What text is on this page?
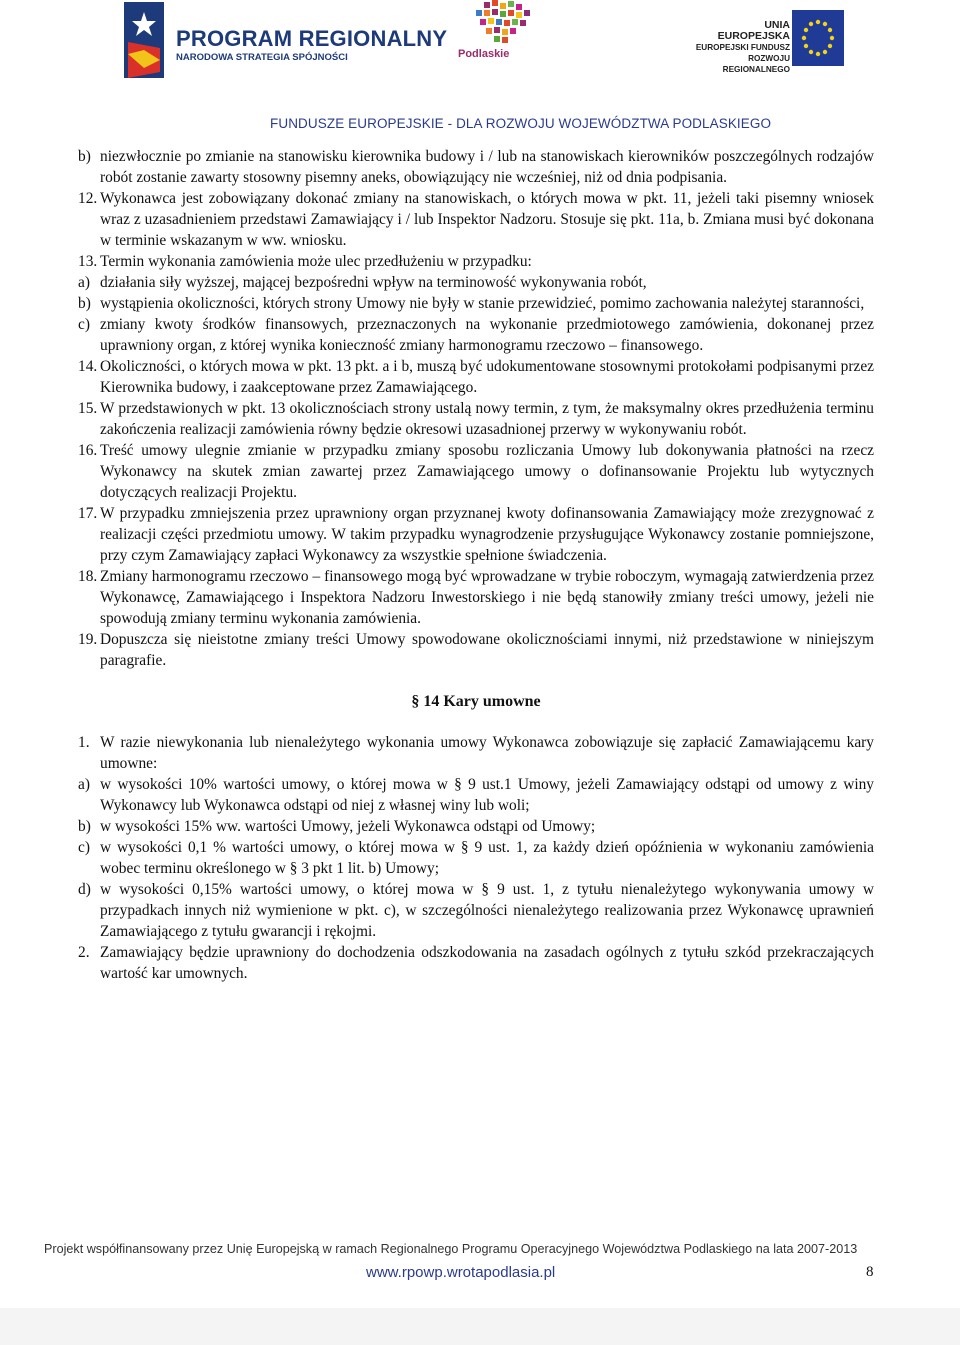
PROGRAM REGIONALNY
NARODOWA STRATEGIA SPÓJNOŚCI	Podlaskie
UNIA EUROPEJSKA
EUROPEJSKI FUNDUSZ
ROZWOJU REGIONALNEGO
FUNDUSZE EUROPEJSKIE - DLA ROZWOJU WOJEWÓDZTWA PODLASKIEGO
b) niezwłocznie po zmianie na stanowisku kierownika budowy i / lub na stanowiskach kierowników poszczególnych rodzajów robót zostanie zawarty stosowny pisemny aneks, obowiązujący nie wcześniej, niż od dnia podpisania.
12. Wykonawca jest zobowiązany dokonać zmiany na stanowiskach, o których mowa w pkt. 11, jeżeli taki pisemny wniosek wraz z uzasadnieniem przedstawi Zamawiający i / lub Inspektor Nadzoru. Stosuje się pkt. 11a, b. Zmiana musi być dokonana w terminie wskazanym w ww. wniosku.
13. Termin wykonania zamówienia może ulec przedłużeniu w przypadku:
a) działania siły wyższej, mającej bezpośredni wpływ na terminowość wykonywania robót,
b) wystąpienia okoliczności, których strony Umowy nie były w stanie przewidzieć, pomimo zachowania należytej staranności,
c) zmiany kwoty środków finansowych, przeznaczonych na wykonanie przedmiotowego zamówienia, dokonanej przez uprawniony organ, z której wynika konieczność zmiany harmonogramu rzeczowo – finansowego.
14. Okoliczności, o których mowa w pkt. 13 pkt. a i b, muszą być udokumentowane stosownymi protokołami podpisanymi przez Kierownika budowy, i zaakceptowane przez Zamawiającego.
15. W przedstawionych w pkt. 13 okolicznościach strony ustalą nowy termin, z tym, że maksymalny okres przedłużenia terminu zakończenia realizacji zamówienia równy będzie okresowi uzasadnionej przerwy w wykonywaniu robót.
16. Treść umowy ulegnie zmianie w przypadku zmiany sposobu rozliczania Umowy lub dokonywania płatności na rzecz Wykonawcy na skutek zmian zawartej przez Zamawiającego umowy o dofinansowanie Projektu lub wytycznych dotyczących realizacji Projektu.
17. W przypadku zmniejszenia przez uprawniony organ przyznanej kwoty dofinansowania Zamawiający może zrezygnować z realizacji części przedmiotu umowy. W takim przypadku wynagrodzenie przysługujące Wykonawcy zostanie pomniejszone, przy czym Zamawiający zapłaci Wykonawcy za wszystkie spełnione świadczenia.
18. Zmiany harmonogramu rzeczowo – finansowego mogą być wprowadzane w trybie roboczym, wymagają zatwierdzenia przez Wykonawcę, Zamawiającego i Inspektora Nadzoru Inwestorskiego i nie będą stanowiły zmiany treści umowy, jeżeli nie spowodują zmiany terminu wykonania zamówienia.
19. Dopuszcza się nieistotne zmiany treści Umowy spowodowane okolicznościami innymi, niż przedstawione w niniejszym paragrafie.
§ 14 Kary umowne
1. W razie niewykonania lub nienależytego wykonania umowy Wykonawca zobowiązuje się zapłacić Zamawiającemu kary umowne:
a) w wysokości 10% wartości umowy, o której mowa w § 9 ust.1 Umowy, jeżeli Zamawiający odstąpi od umowy z winy Wykonawcy lub Wykonawca odstąpi od niej z własnej winy lub woli;
b) w wysokości 15% ww. wartości Umowy, jeżeli Wykonawca odstąpi od Umowy;
c) w wysokości 0,1 % wartości umowy, o której mowa w § 9 ust. 1, za każdy dzień opóźnienia w wykonaniu zamówienia wobec terminu określonego w § 3 pkt 1 lit. b) Umowy;
d) w wysokości 0,15% wartości umowy, o której mowa w § 9 ust. 1, z tytułu nienależytego wykonywania umowy w przypadkach innych niż wymienione w pkt. c), w szczególności nienależytego realizowania przez Wykonawcę uprawnień Zamawiającego z tytułu gwarancji i rękojmi.
2. Zamawiający będzie uprawniony do dochodzenia odszkodowania na zasadach ogólnych z tytułu szkód przekraczających wartość kar umownych.
Projekt współfinansowany przez Unię Europejską w ramach Regionalnego Programu Operacyjnego Województwa Podlaskiego na lata 2007-2013
www.rpowp.wrotapodlasia.pl	8
